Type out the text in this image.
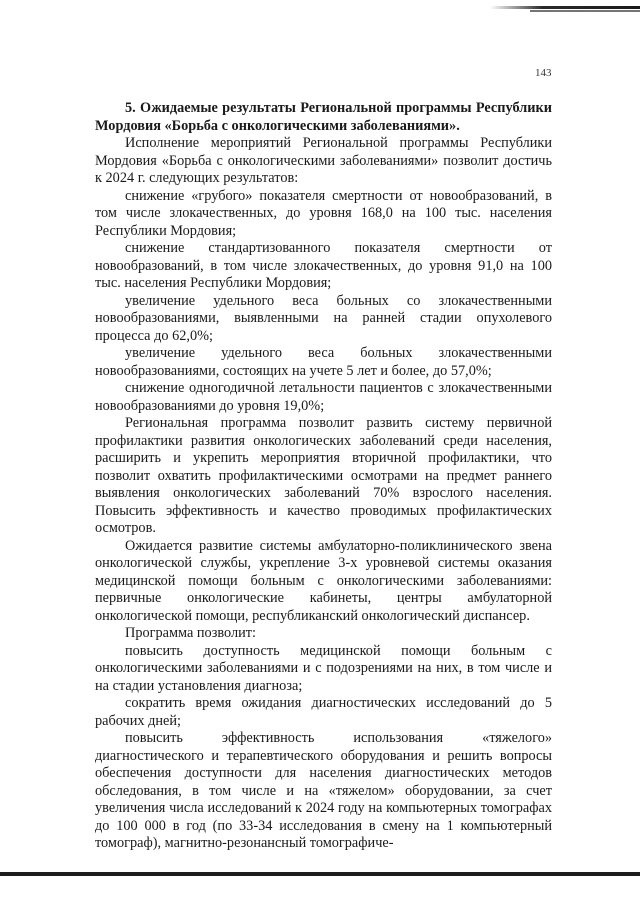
143

5. Ожидаемые результаты Региональной программы Республики Мордовия «Борьба с онкологическими заболеваниями».

Исполнение мероприятий Региональной программы Республики Мордовия «Борьба с онкологическими заболеваниями» позволит достичь к 2024 г. следующих результатов:

снижение «грубого» показателя смертности от новообразований, в том числе злокачественных, до уровня 168,0 на 100 тыс. населения Республики Мордовия;

снижение стандартизованного показателя смертности от новообразований, в том числе злокачественных, до уровня 91,0 на 100 тыс. населения Республики Мордовия;

увеличение удельного веса больных со злокачественными новообразованиями, выявленными на ранней стадии опухолевого процесса до 62,0%;

увеличение удельного веса больных злокачественными новообразованиями, состоящих на учете 5 лет и более, до 57,0%;

снижение одногодичной летальности пациентов с злокачественными новообразованиями до уровня 19,0%;

Региональная программа позволит развить систему первичной профилактики развития онкологических заболеваний среди населения, расширить и укрепить мероприятия вторичной профилактики, что позволит охватить профилактическими осмотрами на предмет раннего выявления онкологических заболеваний 70% взрослого населения. Повысить эффективность и качество проводимых профилактических осмотров.

Ожидается развитие системы амбулаторно-поликлинического звена онкологической службы, укрепление 3-х уровневой системы оказания медицинской помощи больным с онкологическими заболеваниями: первичные онкологические кабинеты, центры амбулаторной онкологической помощи, республиканский онкологический диспансер.

Программа позволит:

повысить доступность медицинской помощи больным с онкологическими заболеваниями и с подозрениями на них, в том числе и на стадии установления диагноза;

сократить время ожидания диагностических исследований до 5 рабочих дней;

повысить эффективность использования «тяжелого» диагностического и терапевтического оборудования и решить вопросы обеспечения доступности для населения диагностических методов обследования, в том числе и на «тяжелом» оборудовании, за счет увеличения числа исследований к 2024 году на компьютерных томографах до 100 000 в год (по 33-34 исследования в смену на 1 компьютерный томограф), магнитно-резонансный томографиче-
